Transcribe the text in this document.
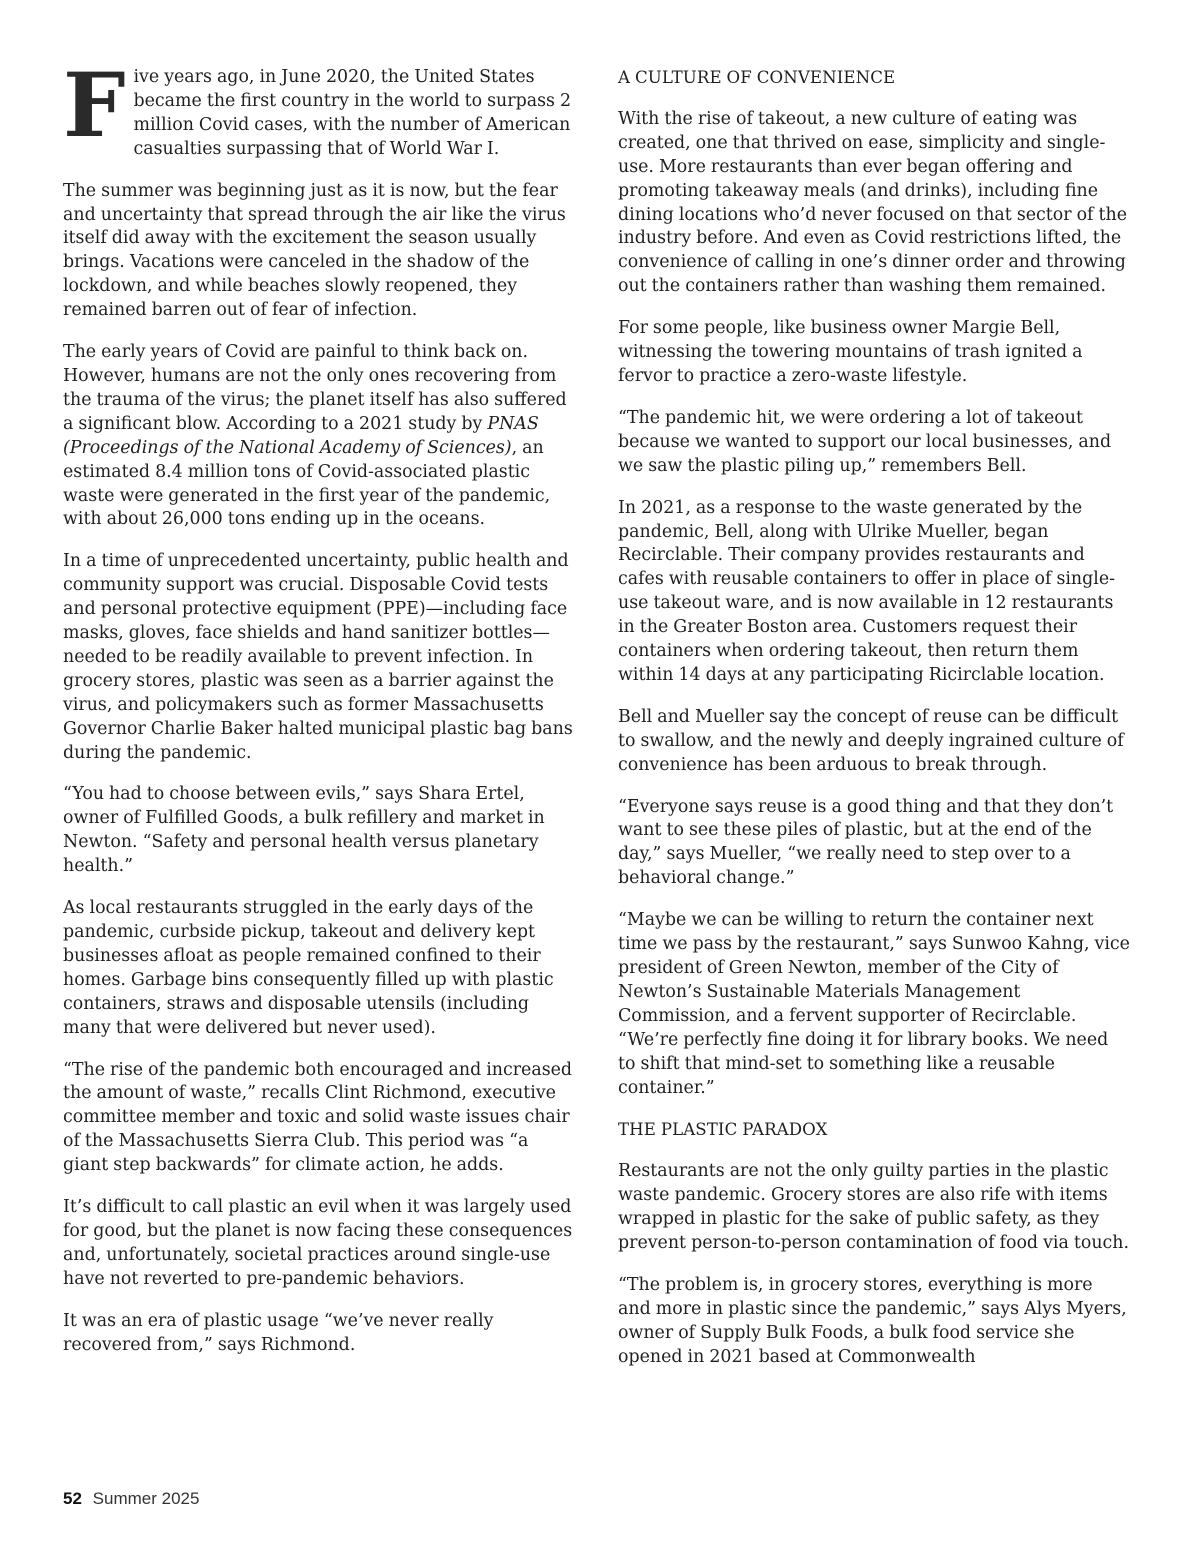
Five years ago, in June 2020, the United States became the first country in the world to surpass 2 million Covid cases, with the number of American casualties surpassing that of World War I.

The summer was beginning just as it is now, but the fear and uncertainty that spread through the air like the virus itself did away with the excitement the season usually brings. Vacations were canceled in the shadow of the lockdown, and while beaches slowly reopened, they remained barren out of fear of infection.

The early years of Covid are painful to think back on. However, humans are not the only ones recovering from the trauma of the virus; the planet itself has also suffered a significant blow. According to a 2021 study by PNAS (Proceedings of the National Academy of Sciences), an estimated 8.4 million tons of Covid-associated plastic waste were generated in the first year of the pandemic, with about 26,000 tons ending up in the oceans.

In a time of unprecedented uncertainty, public health and community support was crucial. Disposable Covid tests and personal protective equipment (PPE)—including face masks, gloves, face shields and hand sanitizer bottles—needed to be readily available to prevent infection. In grocery stores, plastic was seen as a barrier against the virus, and policymakers such as former Massachusetts Governor Charlie Baker halted municipal plastic bag bans during the pandemic.

“You had to choose between evils,” says Shara Ertel, owner of Fulfilled Goods, a bulk refillery and market in Newton. “Safety and personal health versus planetary health.”

As local restaurants struggled in the early days of the pandemic, curbside pickup, takeout and delivery kept businesses afloat as people remained confined to their homes. Garbage bins consequently filled up with plastic containers, straws and disposable utensils (including many that were delivered but never used).

“The rise of the pandemic both encouraged and increased the amount of waste,” recalls Clint Richmond, executive committee member and toxic and solid waste issues chair of the Massachusetts Sierra Club. This period was “a giant step backwards” for climate action, he adds.

It’s difficult to call plastic an evil when it was largely used for good, but the planet is now facing these consequences and, unfortunately, societal practices around single-use have not reverted to pre-pandemic behaviors.

It was an era of plastic usage “we’ve never really recovered from,” says Richmond.

A CULTURE OF CONVENIENCE

With the rise of takeout, a new culture of eating was created, one that thrived on ease, simplicity and single-use. More restaurants than ever began offering and promoting takeaway meals (and drinks), including fine dining locations who’d never focused on that sector of the industry before. And even as Covid restrictions lifted, the convenience of calling in one’s dinner order and throwing out the containers rather than washing them remained.

For some people, like business owner Margie Bell, witnessing the towering mountains of trash ignited a fervor to practice a zero-waste lifestyle.

“The pandemic hit, we were ordering a lot of takeout because we wanted to support our local businesses, and we saw the plastic piling up,” remembers Bell.

In 2021, as a response to the waste generated by the pandemic, Bell, along with Ulrike Mueller, began Recirclable. Their company provides restaurants and cafes with reusable containers to offer in place of single-use takeout ware, and is now available in 12 restaurants in the Greater Boston area. Customers request their containers when ordering takeout, then return them within 14 days at any participating Ricirclable location.

Bell and Mueller say the concept of reuse can be difficult to swallow, and the newly and deeply ingrained culture of convenience has been arduous to break through.

“Everyone says reuse is a good thing and that they don’t want to see these piles of plastic, but at the end of the day,” says Mueller, “we really need to step over to a behavioral change.”

“Maybe we can be willing to return the container next time we pass by the restaurant,” says Sunwoo Kahng, vice president of Green Newton, member of the City of Newton’s Sustainable Materials Management Commission, and a fervent supporter of Recirclable. “We’re perfectly fine doing it for library books. We need to shift that mind-set to something like a reusable container.”

THE PLASTIC PARADOX

Restaurants are not the only guilty parties in the plastic waste pandemic. Grocery stores are also rife with items wrapped in plastic for the sake of public safety, as they prevent person-to-person contamination of food via touch.

“The problem is, in grocery stores, everything is more and more in plastic since the pandemic,” says Alys Myers, owner of Supply Bulk Foods, a bulk food service she opened in 2021 based at Commonwealth

52 Summer 2025
